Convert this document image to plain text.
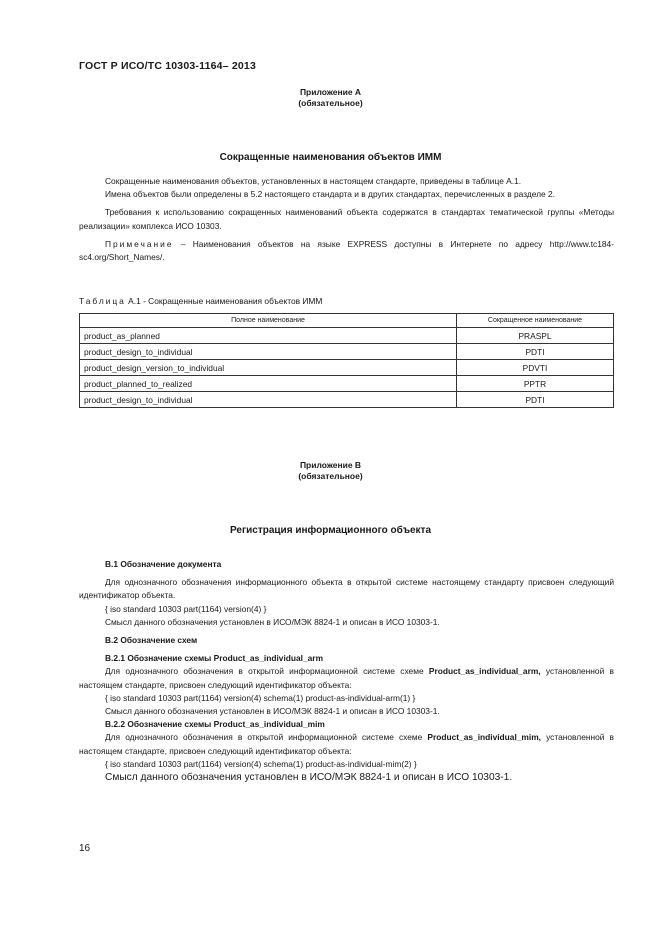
ГОСТ Р ИСО/ТС 10303-1164– 2013
Приложение А
(обязательное)
Сокращенные наименования объектов ИММ

Сокращенные наименования объектов, установленных в настоящем стандарте, приведены в таблице А.1.

Имена объектов были определены в 5.2 настоящего стандарта и в других стандартах, перечисленных в разделе 2.

Требования к использованию сокращенных наименований объекта содержатся в стандартах тематической группы «Методы реализации» комплекса ИСО 10303.

Примечание – Наименования объектов на языке EXPRESS доступны в Интернете по адресу http://www.tc184-sc4.org/Short_Names/.

Таблица А.1 - Сокращенные наименования объектов ИММ
Полное наименование	Сокращенное наименование
product_as_planned	PRASPL
product_design_to_individual	PDTI
product_design_version_to_individual	PDVTI
product_planned_to_realized	PPTR
product_design_to_individual	PDTI
Приложение В
(обязательное)
Регистрация информационного объекта

В.1 Обозначение документа

Для однозначного обозначения информационного объекта в открытой системе настоящему стандарту присвоен следующий идентификатор объекта.

{ iso standard 10303 part(1164) version(4) }

Смысл данного обозначения установлен в ИСО/МЭК 8824-1 и описан в ИСО 10303-1.

В.2 Обозначение схем

В.2.1 Обозначение схемы Product_as_individual_arm

Для однозначного обозначения в открытой информационной системе схеме Product_as_individual_arm, установленной в настоящем стандарте, присвоен следующий идентификатор объекта:

{ iso standard 10303 part(1164) version(4) schema(1) product-as-individual-arm(1) }

Смысл данного обозначения установлен в ИСО/МЭК 8824-1 и описан в ИСО 10303-1.

В.2.2 Обозначение схемы Product_as_individual_mim

Для однозначного обозначения в открытой информационной системе схеме Product_as_individual_mim, установленной в настоящем стандарте, присвоен следующий идентификатор объекта:

{ iso standard 10303 part(1164) version(4) schema(1) product-as-individual-mim(2) }

Смысл данного обозначения установлен в ИСО/МЭК 8824-1 и описан в ИСО 10303-1.

16
